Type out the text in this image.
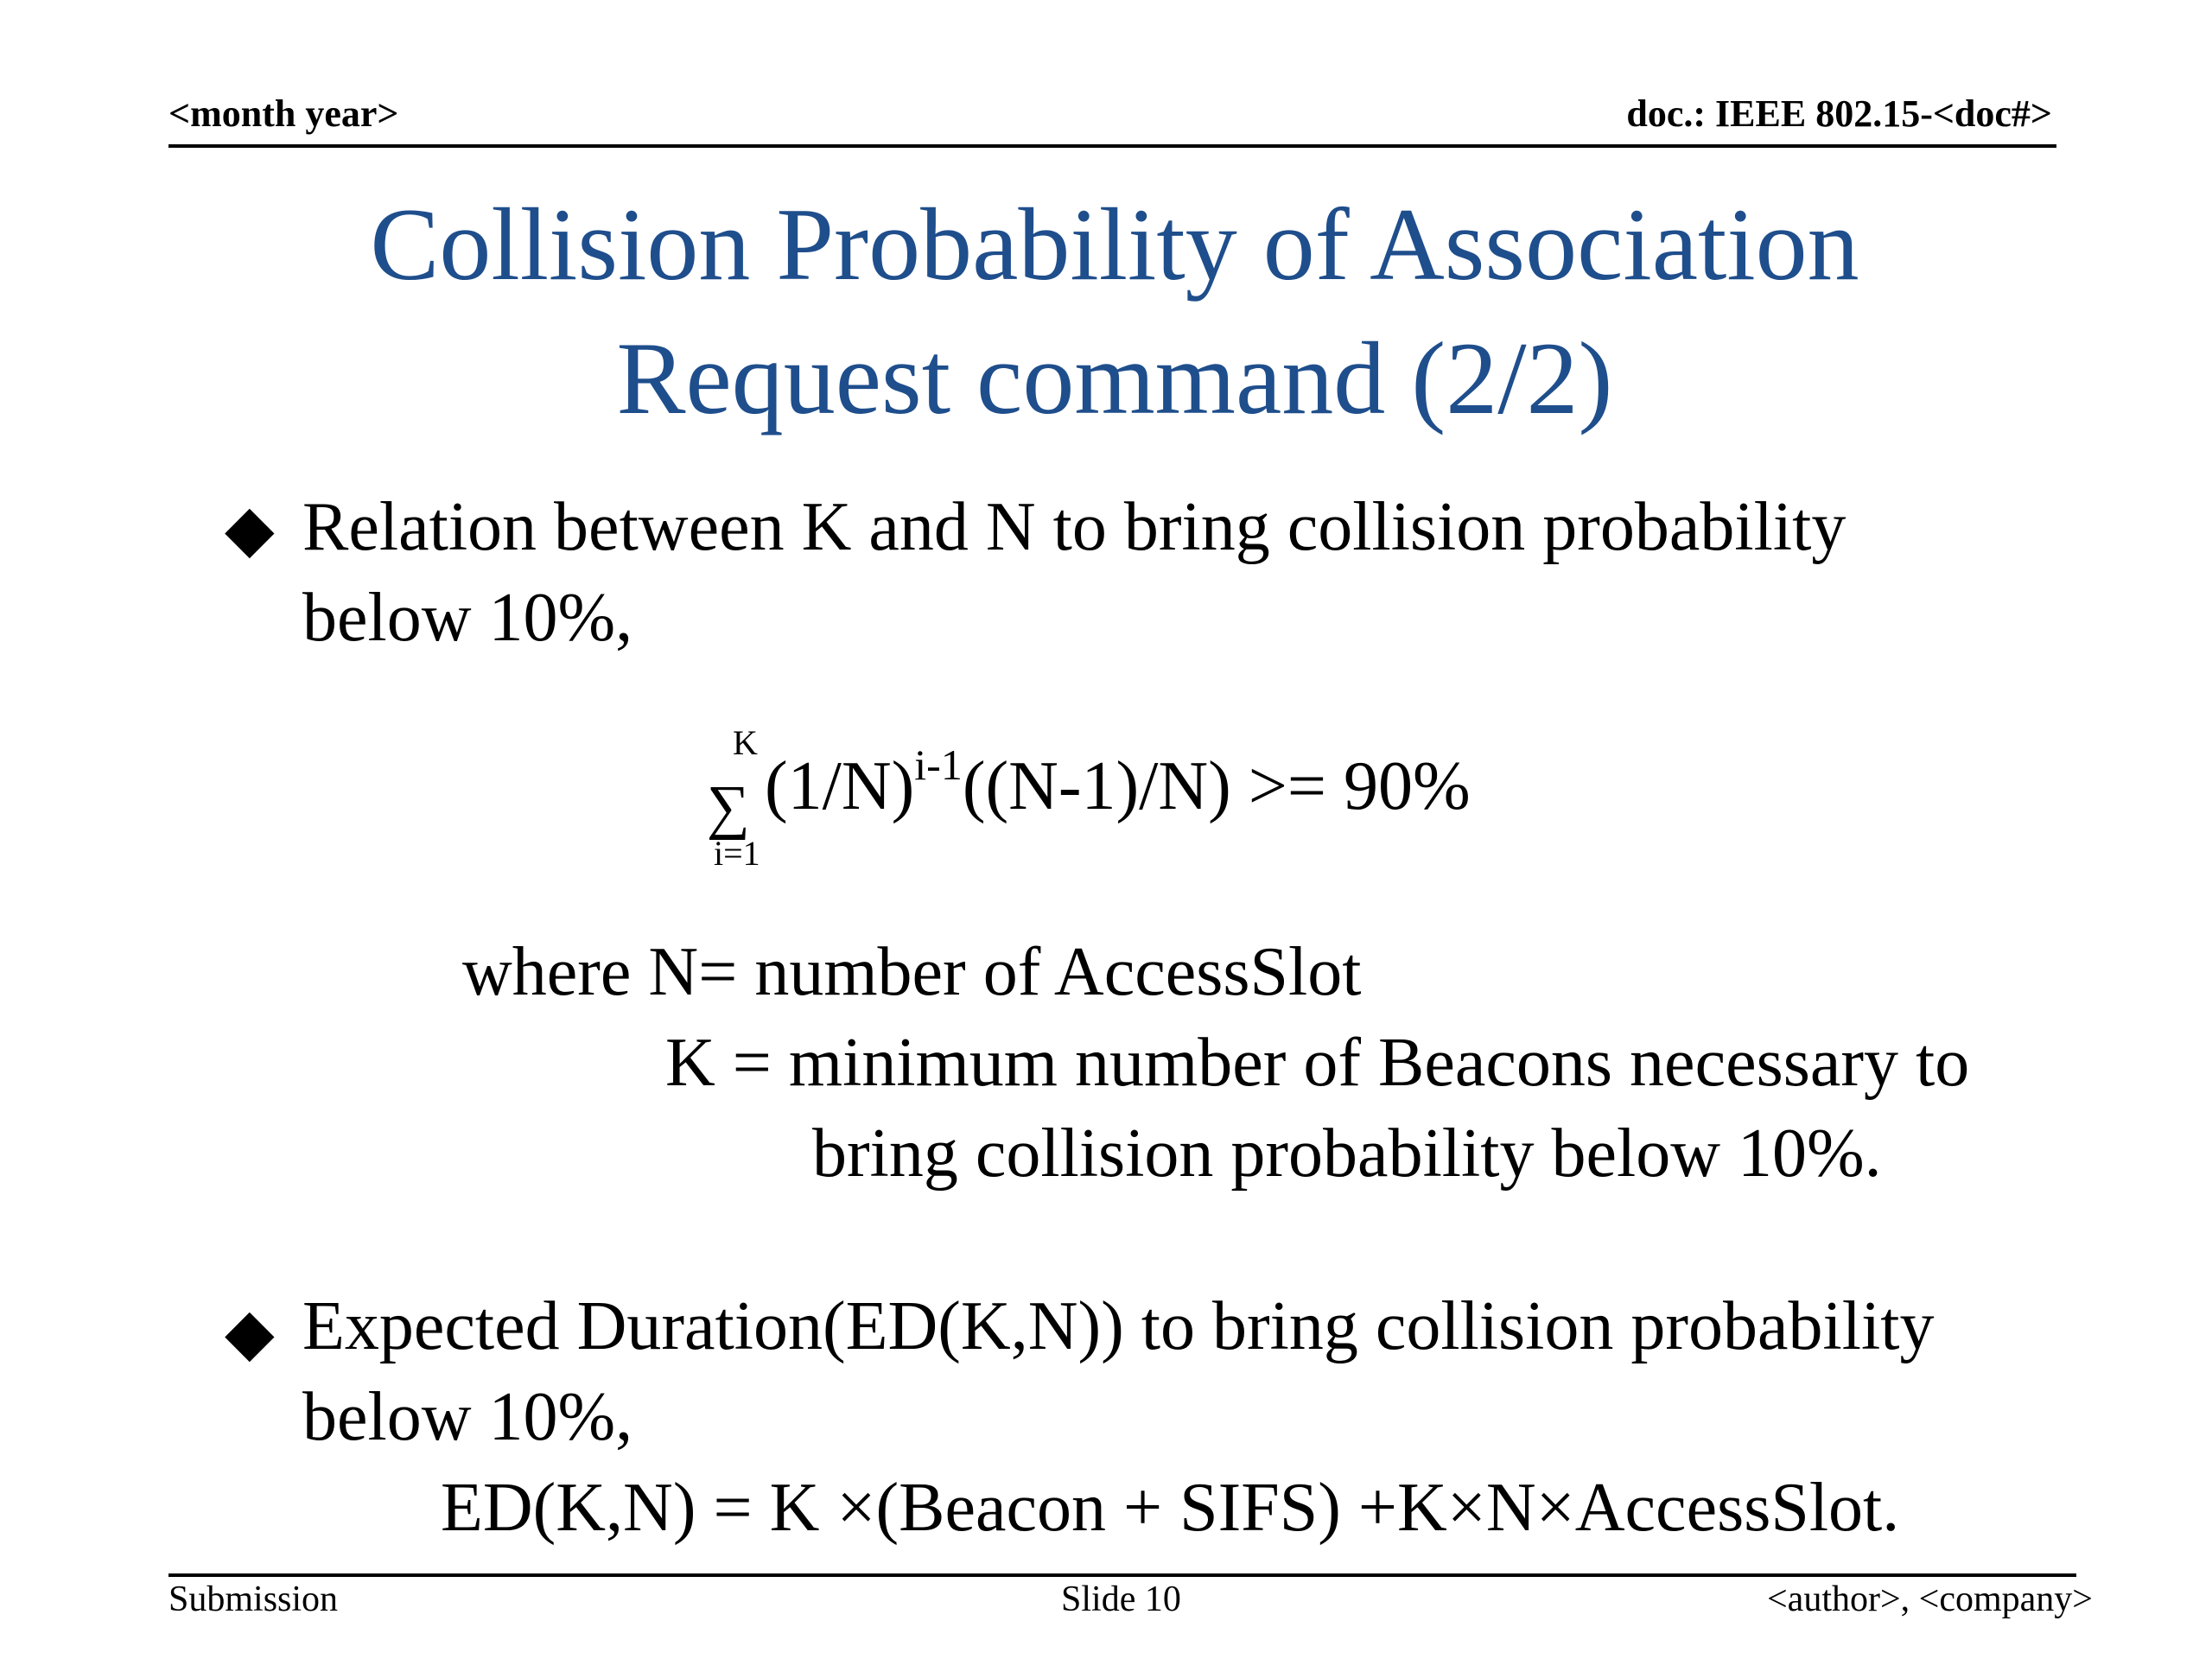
<month year>	doc.: IEEE 802.15-<doc#>
Collision Probability of Association
Request command (2/2)
◆ Relation between K and N to bring collision probability
below 10%,
K
∑
i=1
$(1/N)^{i-1}((N-1)/N) >= 90\%$
where N= number of AccessSlot
K = minimum number of Beacons necessary to
bring collision probability below 10%.
◆ Expected Duration(ED(K,N)) to bring collision probability
below 10%,
ED(K,N) = K ×(Beacon + SIFS) +K×N×AccessSlot.
Submission	Slide 10	<author>, <company>
